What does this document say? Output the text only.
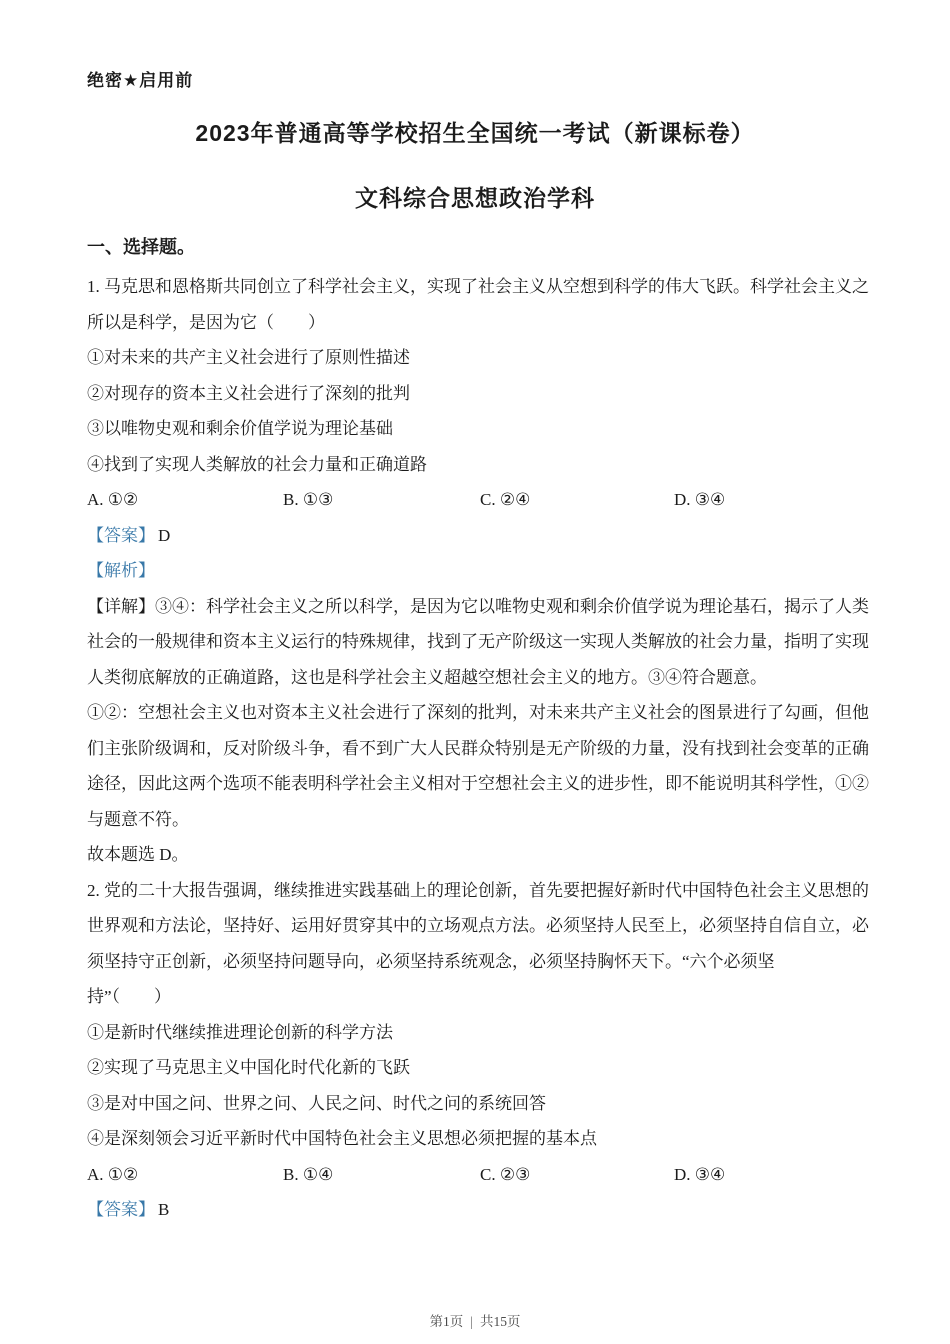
绝密★启用前
2023年普通高等学校招生全国统一考试（新课标卷）
文科综合思想政治学科
一、选择题。
1. 马克思和恩格斯共同创立了科学社会主义，实现了社会主义从空想到科学的伟大飞跃。科学社会主义之
所以是科学，是因为它（　　）
①对未来的共产主义社会进行了原则性描述
②对现存的资本主义社会进行了深刻的批判
③以唯物史观和剩余价值学说为理论基础
④找到了实现人类解放的社会力量和正确道路
A. ①②	B. ①③	C. ②④	D. ③④
【答案】 D
【解析】
【详解】③④：科学社会主义之所以科学，是因为它以唯物史观和剩余价值学说为理论基石，揭示了人类
社会的一般规律和资本主义运行的特殊规律，找到了无产阶级这一实现人类解放的社会力量，指明了实现
人类彻底解放的正确道路，这也是科学社会主义超越空想社会主义的地方。③④符合题意。
①②：空想社会主义也对资本主义社会进行了深刻的批判，对未来共产主义社会的图景进行了勾画，但他
们主张阶级调和，反对阶级斗争，看不到广大人民群众特别是无产阶级的力量，没有找到社会变革的正确
途径，因此这两个选项不能表明科学社会主义相对于空想社会主义的进步性，即不能说明其科学性，①②
与题意不符。
故本题选 D。
2. 党的二十大报告强调，继续推进实践基础上的理论创新，首先要把握好新时代中国特色社会主义思想的
世界观和方法论，坚持好、运用好贯穿其中的立场观点方法。必须坚持人民至上，必须坚持自信自立，必
须坚持守正创新，必须坚持问题导向，必须坚持系统观念，必须坚持胸怀天下。“六个必须坚
持”（　　）
①是新时代继续推进理论创新的科学方法
②实现了马克思主义中国化时代化新的飞跃
③是对中国之问、世界之问、人民之问、时代之问的系统回答
④是深刻领会习近平新时代中国特色社会主义思想必须把握的基本点
A. ①②	B. ①④	C. ②③	D. ③④
【答案】 B
第1页 | 共15页
